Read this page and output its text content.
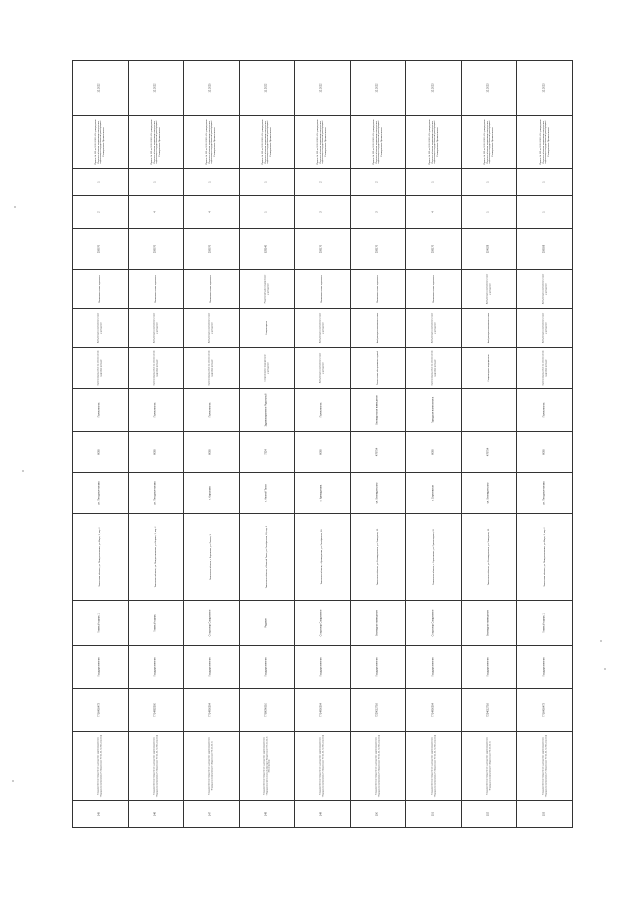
12.2022	12.2022	12.2025	11.2022	12.2022	12.2022	12.2023	12.2023	12.2023

Приказ № 125 от 12.12.2022 «Об утверждении Перечня объектов недвижимого имущества, подлежащих государственной регистрации» Распоряжение Правительства	Приказ № 125 от 12.12.2022 «Об утверждении Перечня объектов недвижимого имущества, подлежащих государственной регистрации» Распоряжение Правительства	Приказ № 125 от 12.12.2022 «Об утверждении Перечня объектов недвижимого имущества, подлежащих государственной регистрации» Распоряжение Правительства	Приказ № 125 от 12.12.2022 «Об утверждении Перечня объектов недвижимого имущества, подлежащих государственной регистрации» Распоряжение Правительства	Приказ № 125 от 12.12.2022 «Об утверждении Перечня объектов недвижимого имущества, подлежащих государственной регистрации» Распоряжение Правительства	Приказ № 125 от 12.12.2022 «Об утверждении Перечня объектов недвижимого имущества, подлежащих государственной регистрации» Распоряжение Правительства	Приказ № 125 от 12.12.2022 «Об утверждении Перечня объектов недвижимого имущества, подлежащих государственной регистрации» Распоряжение Правительства	Приказ № 125 от 12.12.2022 «Об утверждении Перечня объектов недвижимого имущества, подлежащих государственной регистрации» Распоряжение Правительства	Приказ № 125 от 12.12.2022 «Об утверждении Перечня объектов недвижимого имущества, подлежащих государственной регистрации» Распоряжение Правительства

1	1	1	1	2	2	1	1	1

2	4	4	1	3	3	4	1	1

258070	258070	258070	528140	258170	258170	258170	324028	258058

Поликлиническое отделение	Поликлиническое отделение	Поликлиническое отделение	Родильный дом медицинское учреждение	Поликлиническое отделение	Поликлиническое отделение	Поликлиническое отделение	Амбулаторно-поликлиническое учреждение	Амбулаторно-поликлиническое учреждение

Амбулаторно-поликлиническое учреждение	Амбулаторно-поликлиническое учреждение	Амбулаторно-поликлиническое учреждение	Стационарное	Амбулаторно-поликлиническое учреждение	Амбулаторно-поликлиническое	Амбулаторно-поликлиническое учреждение	Амбулаторно-поликлиническое	Амбулаторно-поликлиническое учреждение

Организация работ по обеспечению здоровья граждан	Организация работ по обеспечению здоровья граждан	Организация работ по обеспечению здоровья граждан	Стационарное медицинское учреждение	Амбулаторно-поликлиническое учреждение	Техническое обслуживание зданий	Организация работ по обеспечению здоровья граждан	Стационарное медицинское	Организация работ по обеспечению здоровья граждан

Поликлиника	Поликлиника	Поликлиника	Здравоохранение Родильный	Поликлиника	Безлюдинское помещение	Городская поликлиника		Поликлиника

6065	6065	6065	7324	6065	478754	6065	478754	6065

ул. Пятидесятникова	ул. Пятидесятникова	г. Корсаково	г. Нижний Тагил	г. Криводанова	ул. Безлюдинского	г. Сергиевское	ул. Безлюдинского	ул. Пятидесятникова

Тюменская область, ул. Пятидесятникова, ул. Мира, 1, кор. 2	Тюменская область, ул. Пятидесятникова, ул. Кирова, 1, кор. 2	Тюменская область, г. Корсаково, ул. Ленина, 5	Тюменская область, г. Нижний Тагил, ул. Октябрьская, 28, кор. 1	Тюменская область, г. Криводанова, ул. Октябрьская, 18	Тюменская область, ул. Безлюдинского, ул. Заводская, 15	Тюменская область, г. Сергиевское, ул. Гуманитарная, 22	Тюменская область, ул. Безлюдинского, ул. Заводская, 15	Тюменская область, ул. Пятидесятникова, ул. Мира, 1, кор. 2

Главный корпус 1	Главный корпус	Стационар Сооружение	Родовое	Стационар Сооружение	Безлюдное помещение	Стационар Сооружение	Безлюдное помещение	Главный корпус 1

Государственная	Государственная	Государственная	Государственная	Государственная	Государственная	Государственная	Государственная	Государственная

7716455473	7714982300	7714950304	7708090010	7714950304	7229012716	7714950304	7234012716	7716455473

Государственное бюджетное учреждение здравоохранения «Городская поликлиника» (Черкесское УЗ 24-31-7) (Начальство)	Государственное бюджетное учреждение здравоохранения «Городская поликлиника» (Черкесское УЗ 24-31-7) (Начальство)	Государственное бюджетное учреждение здравоохранения «Городская поликлиника» (Черкесское УЗ 24-31-7)	Государственное бюджетное учреждение здравоохранения «Городская клиническая больница» (Черкесское УЗ 24-31-7) (Начальство)	Государственное бюджетное учреждение здравоохранения «Городская поликлиника» (Черкесское УЗ 24-31-7) (Начальство)	Государственное бюджетное учреждение здравоохранения «Городская поликлиника» (Черкесское УЗ 24-31-7) (Начальство)	Государственное бюджетное учреждение здравоохранения «Городская поликлиника» (Черкесское УЗ 24-31-7) (Начальство)	Государственное бюджетное учреждение здравоохранения «Городская поликлиника» (Черкесское УЗ 24-31-7)	Государственное бюджетное учреждение здравоохранения «Городская поликлиника» (Черкесское УЗ 24-31-7) (Начальство)

145	146	147	148	149	150	151	152	153
